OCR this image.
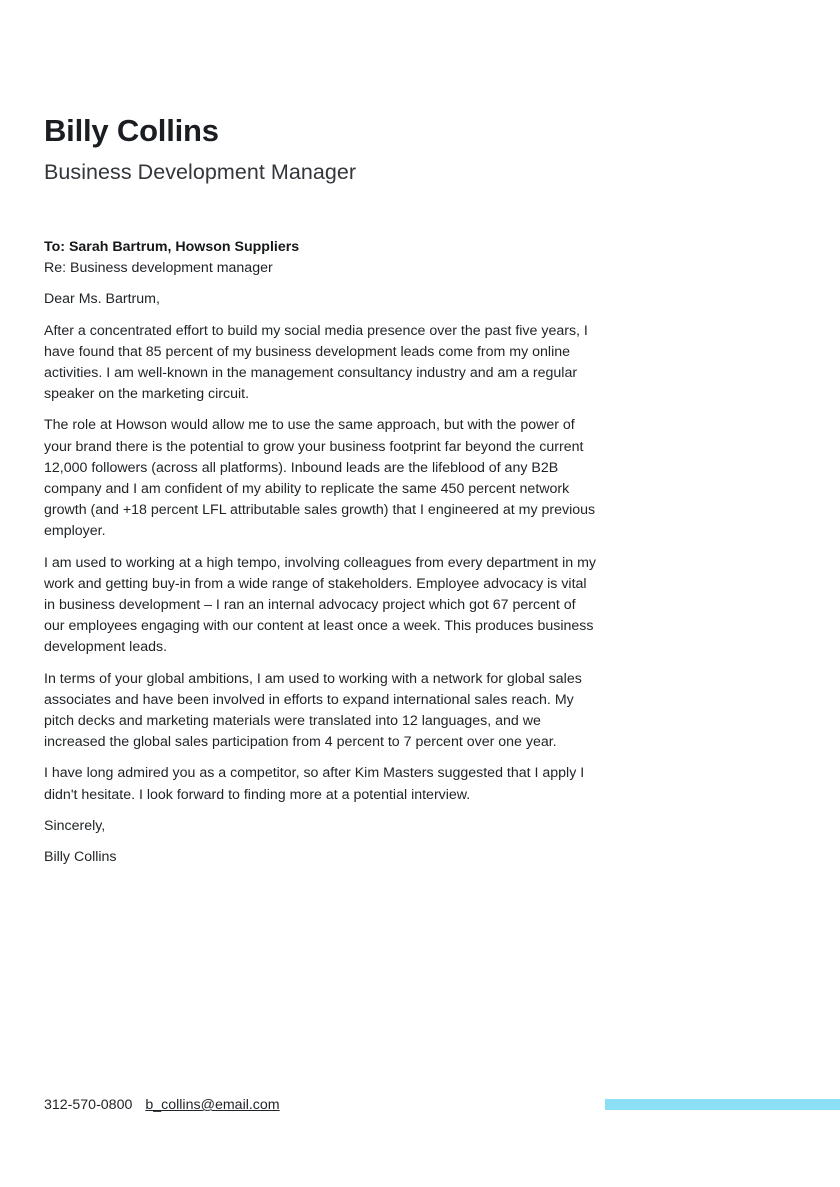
Billy Collins
Business Development Manager

To: Sarah Bartrum, Howson Suppliers

Re: Business development manager

Dear Ms. Bartrum,

After a concentrated effort to build my social media presence over the past five years, I have found that 85 percent of my business development leads come from my online activities. I am well-known in the management consultancy industry and am a regular speaker on the marketing circuit.

The role at Howson would allow me to use the same approach, but with the power of your brand there is the potential to grow your business footprint far beyond the current 12,000 followers (across all platforms). Inbound leads are the lifeblood of any B2B company and I am confident of my ability to replicate the same 450 percent network growth (and +18 percent LFL attributable sales growth) that I engineered at my previous employer.

I am used to working at a high tempo, involving colleagues from every department in my work and getting buy-in from a wide range of stakeholders. Employee advocacy is vital in business development – I ran an internal advocacy project which got 67 percent of our employees engaging with our content at least once a week. This produces business development leads.

In terms of your global ambitions, I am used to working with a network for global sales associates and have been involved in efforts to expand international sales reach. My pitch decks and marketing materials were translated into 12 languages, and we increased the global sales participation from 4 percent to 7 percent over one year.

I have long admired you as a competitor, so after Kim Masters suggested that I apply I didn't hesitate. I look forward to finding more at a potential interview.

Sincerely,

Billy Collins

312-570-0800 b_collins@email.com
